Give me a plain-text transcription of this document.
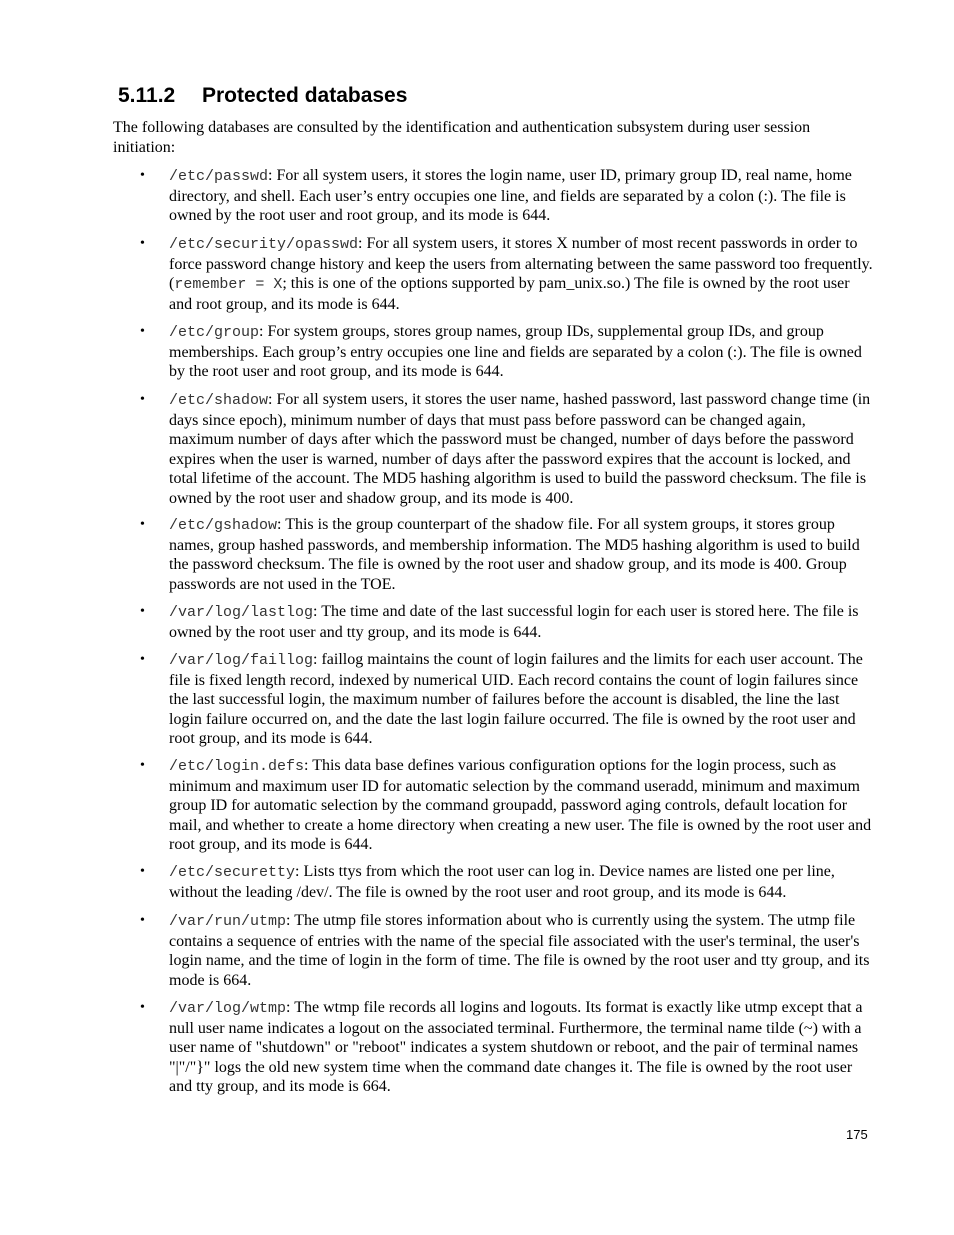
5.11.2 Protected databases

The following databases are consulted by the identification and authentication subsystem during user session initiation:

• /etc/passwd: For all system users, it stores the login name, user ID, primary group ID, real name, home directory, and shell. Each user’s entry occupies one line, and fields are separated by a colon (:). The file is owned by the root user and root group, and its mode is 644.
• /etc/security/opasswd: For all system users, it stores X number of most recent passwords in order to force password change history and keep the users from alternating between the same password too frequently. (remember = X; this is one of the options supported by pam_unix.so.) The file is owned by the root user and root group, and its mode is 644.
• /etc/group: For system groups, stores group names, group IDs, supplemental group IDs, and group memberships. Each group’s entry occupies one line and fields are separated by a colon (:). The file is owned by the root user and root group, and its mode is 644.
• /etc/shadow: For all system users, it stores the user name, hashed password, last password change time (in days since epoch), minimum number of days that must pass before password can be changed again, maximum number of days after which the password must be changed, number of days before the password expires when the user is warned, number of days after the password expires that the account is locked, and total lifetime of the account. The MD5 hashing algorithm is used to build the password checksum. The file is owned by the root user and shadow group, and its mode is 400.
• /etc/gshadow: This is the group counterpart of the shadow file. For all system groups, it stores group names, group hashed passwords, and membership information. The MD5 hashing algorithm is used to build the password checksum. The file is owned by the root user and shadow group, and its mode is 400. Group passwords are not used in the TOE.
• /var/log/lastlog: The time and date of the last successful login for each user is stored here. The file is owned by the root user and tty group, and its mode is 644.
• /var/log/faillog: faillog maintains the count of login failures and the limits for each user account. The file is fixed length record, indexed by numerical UID. Each record contains the count of login failures since the last successful login, the maximum number of failures before the account is disabled, the line the last login failure occurred on, and the date the last login failure occurred. The file is owned by the root user and root group, and its mode is 644.
• /etc/login.defs: This data base defines various configuration options for the login process, such as minimum and maximum user ID for automatic selection by the command useradd, minimum and maximum group ID for automatic selection by the command groupadd, password aging controls, default location for mail, and whether to create a home directory when creating a new user. The file is owned by the root user and root group, and its mode is 644.
• /etc/securetty: Lists ttys from which the root user can log in. Device names are listed one per line, without the leading /dev/. The file is owned by the root user and root group, and its mode is 644.
• /var/run/utmp: The utmp file stores information about who is currently using the system. The utmp file contains a sequence of entries with the name of the special file associated with the user's terminal, the user's login name, and the time of login in the form of time. The file is owned by the root user and tty group, and its mode is 664.
• /var/log/wtmp: The wtmp file records all logins and logouts. Its format is exactly like utmp except that a null user name indicates a logout on the associated terminal. Furthermore, the terminal name tilde (~) with a user name of "shutdown" or "reboot" indicates a system shutdown or reboot, and the pair of terminal names "|"/"}" logs the old new system time when the command date changes it. The file is owned by the root user and tty group, and its mode is 664.
175
